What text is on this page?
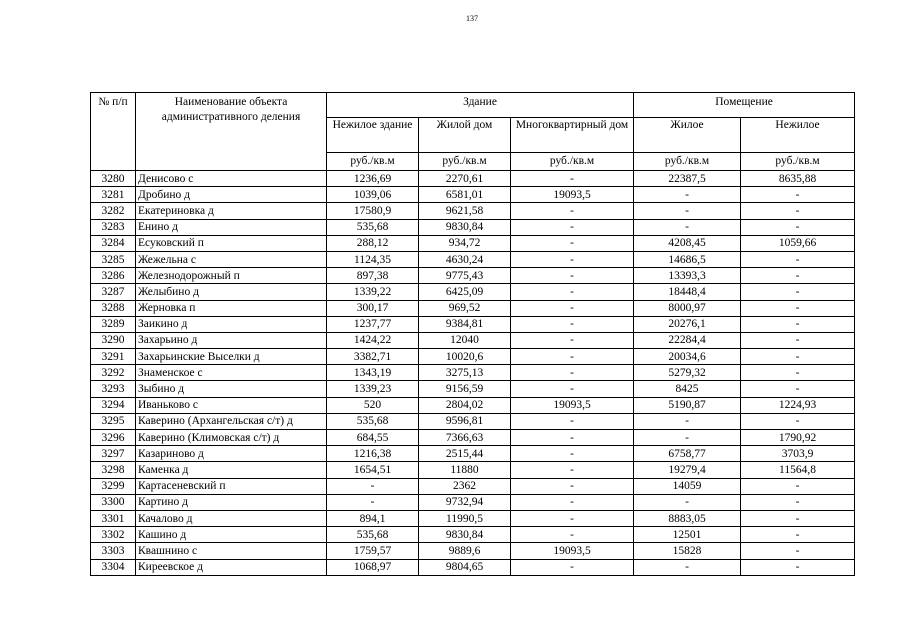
137
№ п/п	Наименование объекта административного деления	Здание			Помещение	
		Нежилое здание	Жилой дом	Многоквартирный дом	Жилое	Нежилое
		руб./кв.м	руб./кв.м	руб./кв.м	руб./кв.м	руб./кв.м
3280	Денисово с	1236,69	2270,61	-	22387,5	8635,88
3281	Дробино д	1039,06	6581,01	19093,5	-	-
3282	Екатериновка д	17580,9	9621,58	-	-	-
3283	Енино д	535,68	9830,84	-	-	-
3284	Есуковский п	288,12	934,72	-	4208,45	1059,66
3285	Жежельна с	1124,35	4630,24	-	14686,5	-
3286	Железнодорожный п	897,38	9775,43	-	13393,3	-
3287	Желыбино д	1339,22	6425,09	-	18448,4	-
3288	Жерновка п	300,17	969,52	-	8000,97	-
3289	Заикино д	1237,77	9384,81	-	20276,1	-
3290	Захарьино д	1424,22	12040	-	22284,4	-
3291	Захарьинские Выселки д	3382,71	10020,6	-	20034,6	-
3292	Знаменское с	1343,19	3275,13	-	5279,32	-
3293	Зыбино д	1339,23	9156,59	-	8425	-
3294	Иваньково с	520	2804,02	19093,5	5190,87	1224,93
3295	Каверино (Архангельская с/т) д	535,68	9596,81	-	-	-
3296	Каверино (Климовская с/т) д	684,55	7366,63	-	-	1790,92
3297	Казариново д	1216,38	2515,44	-	6758,77	3703,9
3298	Каменка д	1654,51	11880	-	19279,4	11564,8
3299	Картасеневский п	-	2362	-	14059	-
3300	Картино д	-	9732,94	-	-	-
3301	Качалово д	894,1	11990,5	-	8883,05	-
3302	Кашино д	535,68	9830,84	-	12501	-
3303	Квашнино с	1759,57	9889,6	19093,5	15828	-
3304	Киреевское д	1068,97	9804,65	-	-	-
